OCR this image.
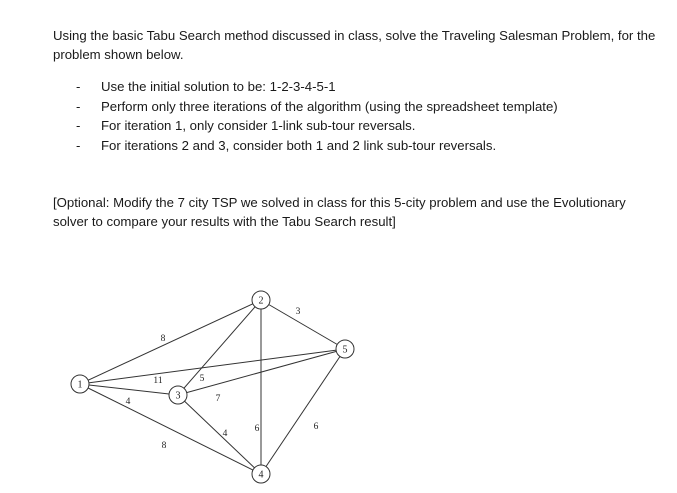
Using the basic Tabu Search method discussed in class, solve the Traveling Salesman Problem, for the problem shown below.

- Use the initial solution to be: 1-2-3-4-5-1
- Perform only three iterations of the algorithm (using the spreadsheet template)
- For iteration 1, only consider 1-link sub-tour reversals.
- For iterations 2 and 3, consider both 1 and 2 link sub-tour reversals.

[Optional: Modify the 7 city TSP we solved in class for this 5-city problem and use the Evolutionary solver to compare your results with the Tabu Search result]

8
11
4
8
5
6
3
7
4
6
1
2
3
4
5
